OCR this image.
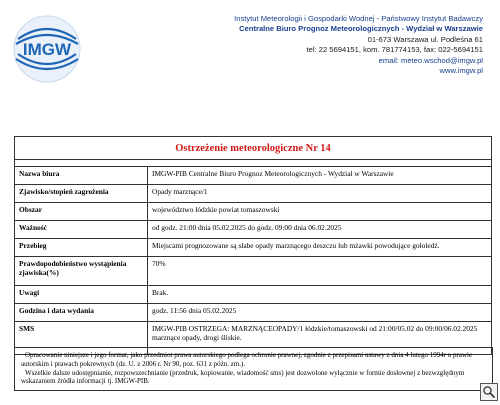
IMGW
Instytut Meteorologii i Gospodarki Wodnej - Państwowy Instytut Badawczy
Centralne Biuro Prognoz Meteorologicznych - Wydział w Warszawie
01-673 Warszawa ul. Podleśna 61
tel: 22 5694151, kom. 781774153, fax: 022-5694151
email: meteo.wschod@imgw.pl
www.imgw.pl
Ostrzeżenie meteorologiczne Nr 14	

Nazwa biura	IMGW-PIB Centralne Biuro Prognoz Meteorologicznych - Wydział w Warszawie
Zjawisko/stopień zagrożenia	Opady marznące/1
Obszar	województwo łódzkie powiat tomaszowski
Ważność	od godz. 21:00 dnia 05.02.2025 do godz. 09:00 dnia 06.02.2025
Przebieg	Miejscami prognozowane są słabe opady marznącego deszczu lub mżawki powodujące gołoledź.
Prawdopodobieństwo wystąpienia zjawiska(%)	70%
Uwagi	Brak.
Godzina i data wydania	godz. 11:56 dnia 05.02.2025
SMS	IMGW-PIB OSTRZEGA: MARZNĄCEOPADY/1 łódzkie/tomaszowski od 21:00/05.02 do 09:00/06.02.2025 marznące opady, drogi śliskie.
Opracowanie niniejsze i jego format, jako przedmiot prawa autorskiego podlega ochronie prawnej, zgodnie z przepisami ustawy z dnia 4 lutego 1994r o prawie autorskim i prawach pokrewnych (dz. U. z 2006 r. Nr 90, poz. 631 z późn. zm.).
Wszelkie dalsze udostępnianie, rozpowszechnianie (przedruk, kopiowanie, wiadomość sms) jest dozwolone wyłącznie w formie dosłownej z bezwzględnym wskazaniem źródła informacji tj. IMGW-PIB.
